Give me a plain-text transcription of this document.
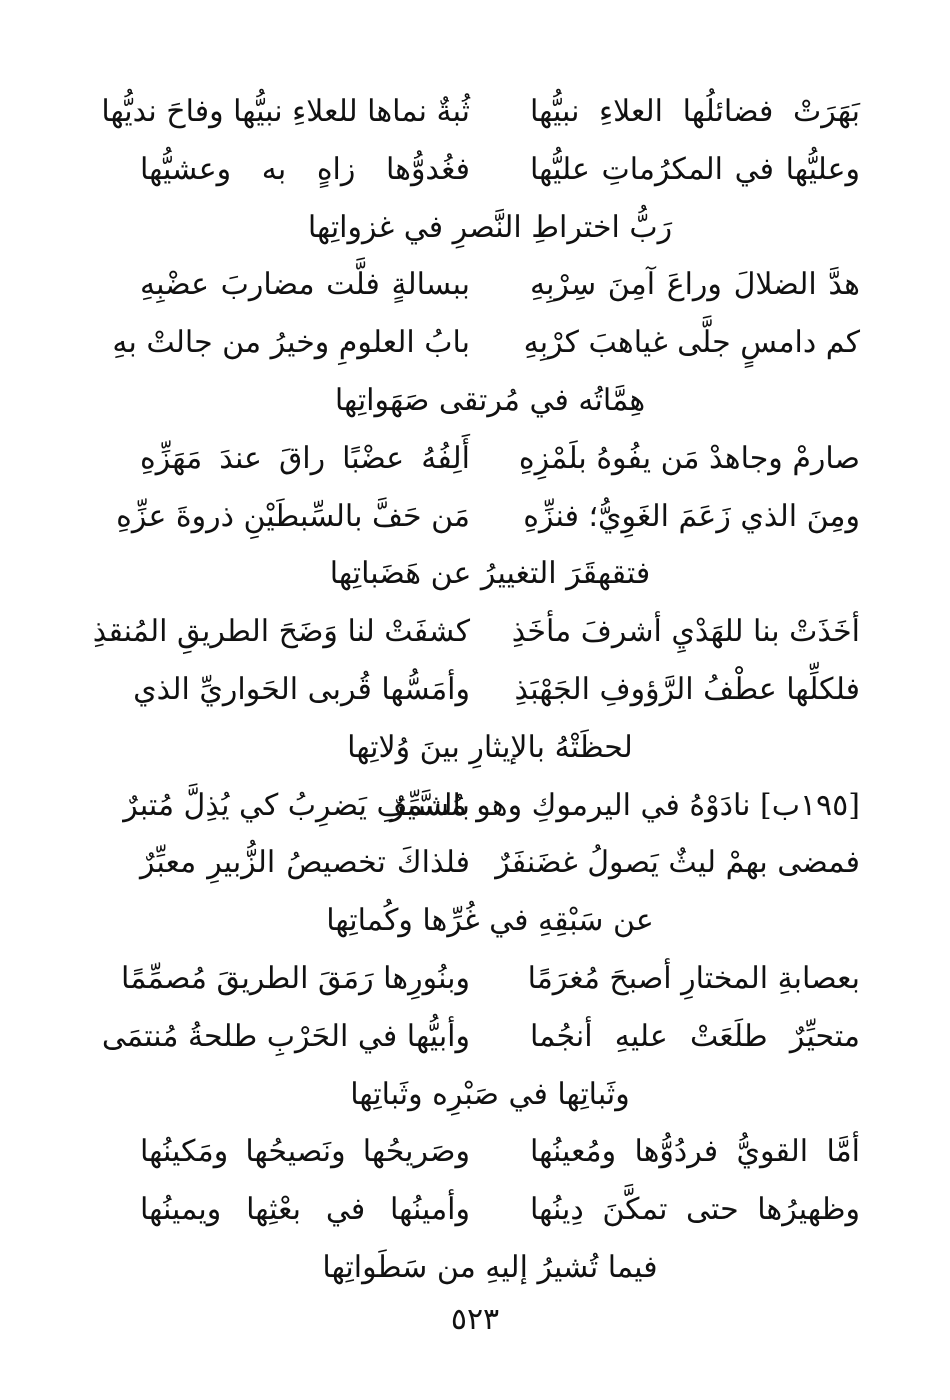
بَهَرَتْ فضائلُها العلاءِ نبيُّها
ثُبةٌ نماها للعلاءِ نبيُّها وفاحَ نديُّها
وعليُّها في المكرُماتِ عليُّها
فغُدوُّها زاهٍ به وعشيُّها
رَبُّ اختراطِ النَّصرِ في غزواتِها
هدَّ الضلالَ وراعَ آمِنَ سِرْبِهِ
ببسالةٍ فلَّت مضاربَ عضْبِهِ
كم دامسٍ جلَّى غياهبَ كرْبِهِ
بابُ العلومِ وخيرُ من جالتْ بهِ
هِمَّاتُه في مُرتقى صَهَواتِها
صارمْ وجاهدْ مَن يفُوهُ بلَمْزِهِ
أَلِفُهُ عضْبًا راقَ عندَ مَهَزِّهِ
ومِنَ الذي زَعَمَ الغَوِيُّ؛ فنزِّهِ
مَن حَفَّ بالسِّبطَيْنِ ذروةَ عزِّهِ
فتقهقَرَ التغييرُ عن هَضَباتِها
أخَذَتْ بنا للهَدْيِ أشرفَ مأخَذِ
كشفَتْ لنا وَضَحَ الطريقِ المُنقذِ
فلكلِّها عطْفُ الرَّؤوفِ الجَهْبَذِ
وأمَسُّها قُربى الحَواريِّ الذي
لحظَتْهُ بالإيثارِ بينَ وُلاتِها
[١٩٥ب] نادَوْهُ في اليرموكِ وهو مُشمِّرٌ
بالسَّيفِ يَضرِبُ كي يُذِلَّ مُتبرٌ
فمضى بهمْ ليثٌ يَصولُ غضَنفَرٌ
فلذاكَ تخصيصُ الزُّبيرِ معبِّرٌ
عن سَبْقِهِ في غُرِّها وكُماتِها
بعصابةِ المختارِ أصبحَ مُغرَمًا
وبنُورِها رَمَقَ الطريقَ مُصمِّمًا
متحيِّرٌ طلَعَتْ عليهِ أنجُما
وأبيُّها في الحَرْبِ طلحةُ مُنتمَى
وثَباتِها في صَبْرِه وثَباتِها
أمَّا القويُّ فردُوُّها ومُعينُها
وصَريحُها ونَصيحُها ومَكينُها
وظهيرُها حتى تمكَّنَ دِينُها
وأمينُها في بعْثِها ويمينُها
فيما تُشيرُ إليهِ من سَطَواتِها
٥٢٣
